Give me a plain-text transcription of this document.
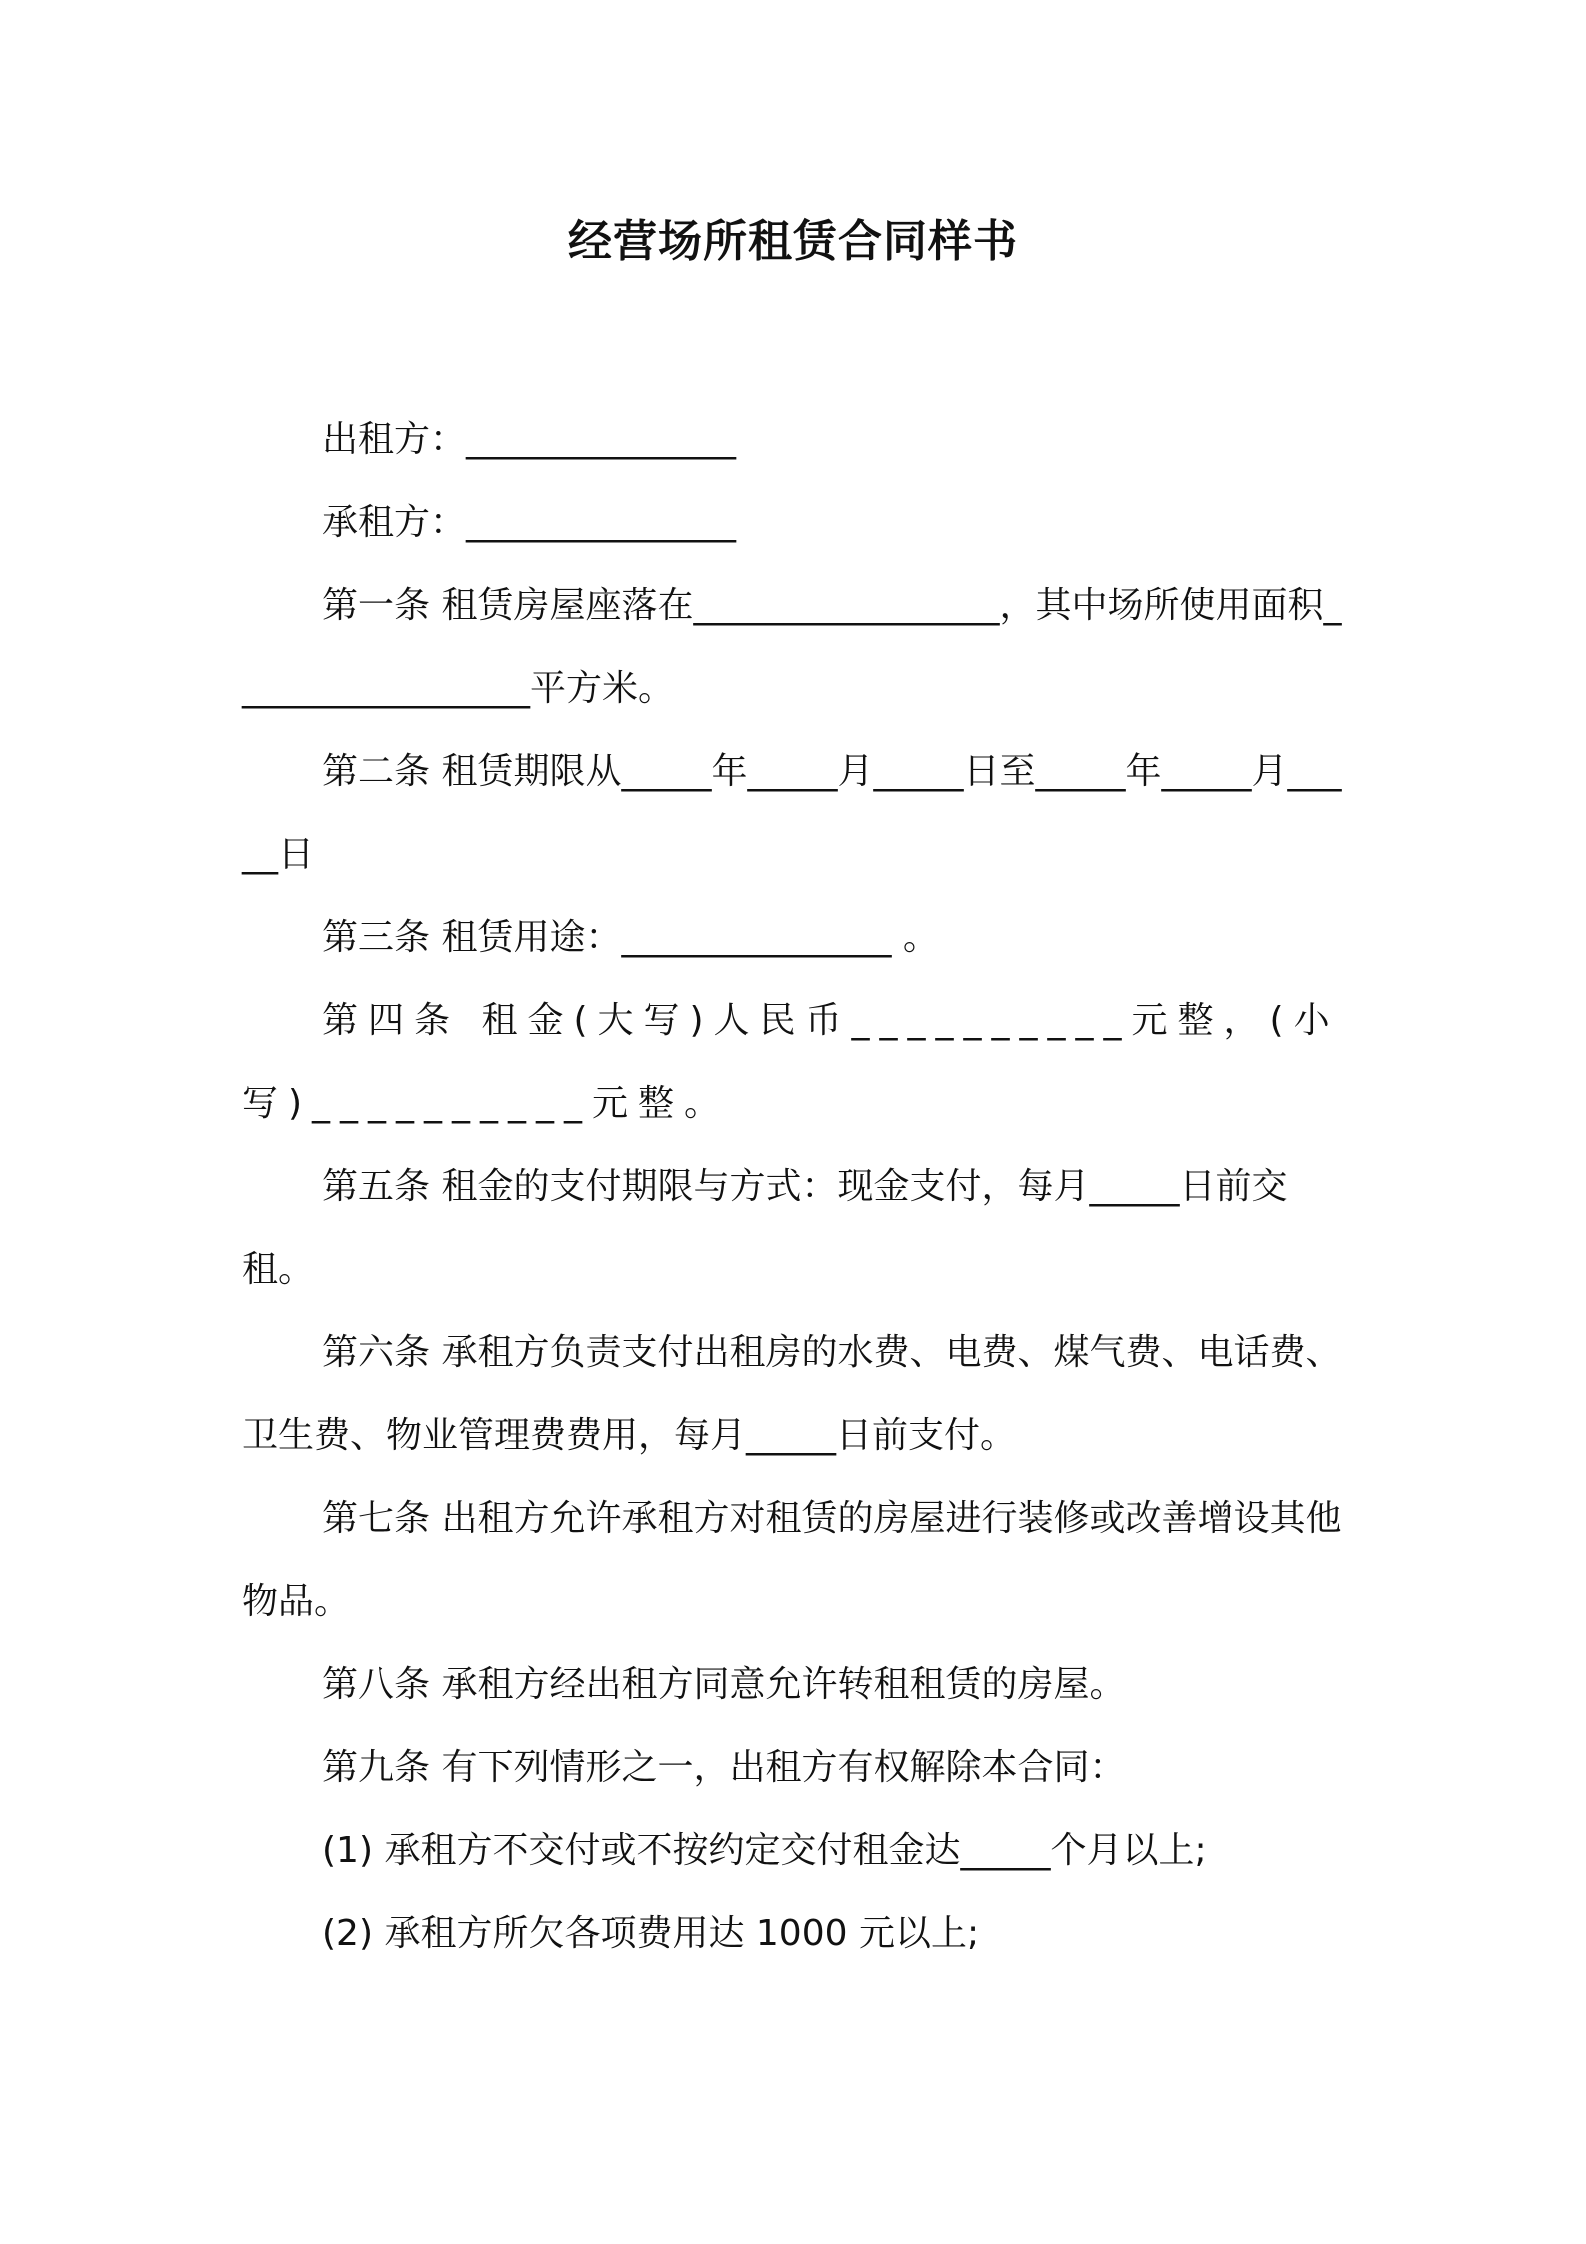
经营场所租赁合同样书
出租方：_______________
承租方：_______________
第一条 租赁房屋座落在_________________，其中场所使用面积_________________平方米。
第二条 租赁期限从_____年_____月_____日至_____年_____月_____日
第三条 租赁用途：_______________ 。
第四条 租金(大写)人民币__________元整，(小写)__________元整。
第五条 租金的支付期限与方式：现金支付，每月_____日前交租。
第六条 承租方负责支付出租房的水费、电费、煤气费、电话费、卫生费、物业管理费费用，每月_____日前支付。
第七条 出租方允许承租方对租赁的房屋进行装修或改善增设其他物品。
第八条 承租方经出租方同意允许转租租赁的房屋。
第九条 有下列情形之一，出租方有权解除本合同：
(1) 承租方不交付或不按约定交付租金达_____个月以上;
(2) 承租方所欠各项费用达 1000 元以上;
